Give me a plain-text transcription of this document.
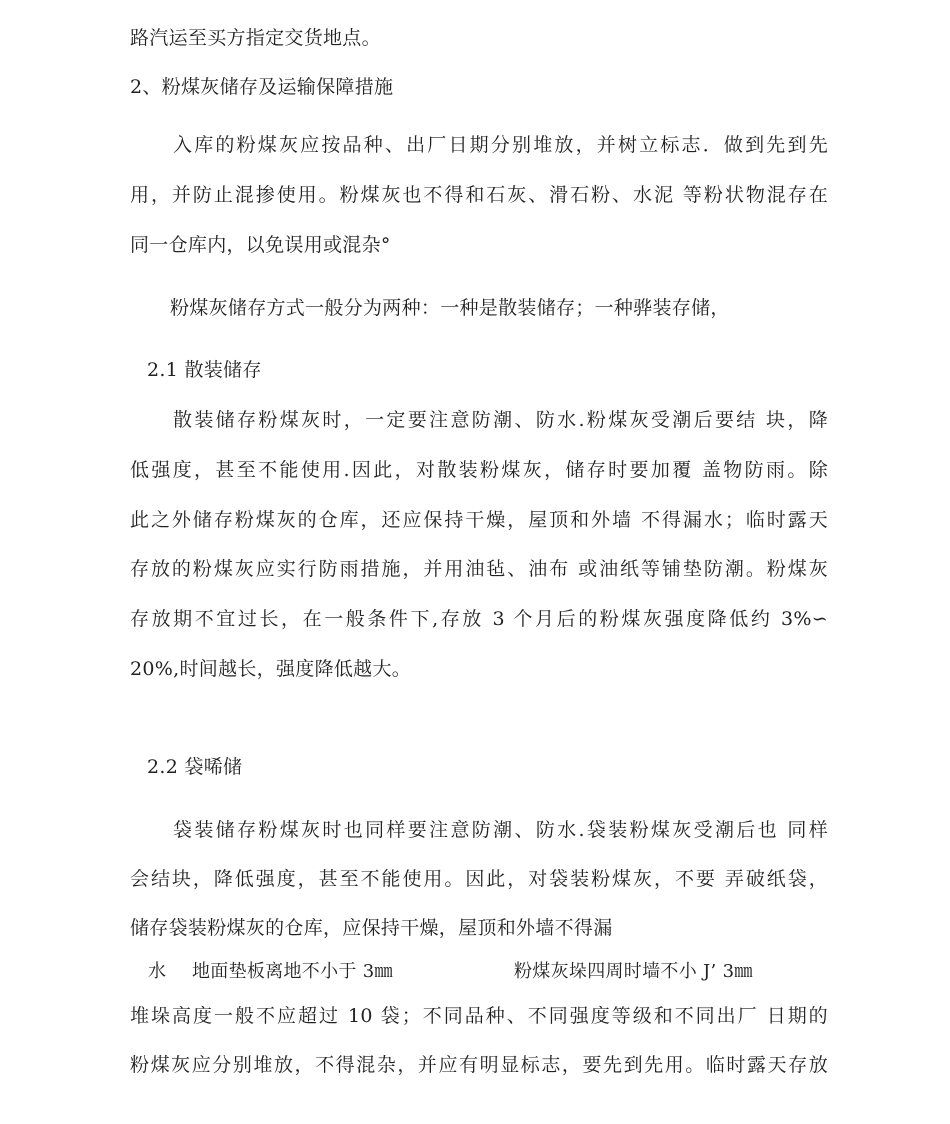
路汽运至买方指定交货地点。
2、粉煤灰储存及运输保障措施
入库的粉煤灰应按品种、出厂日期分别堆放，并树立标志．做到先到先
用，并防止混掺使用。粉煤灰也不得和石灰、滑石粉、水泥 等粉状物混存在
同一仓库内，以免误用或混杂°
粉煤灰储存方式一般分为两种：一种是散装储存；一种骅装存储，
2.1 散装储存
散装储存粉煤灰时，一定要注意防潮、防水.粉煤灰受潮后要结 块，降
低强度，甚至不能使用.因此，对散装粉煤灰，储存时要加覆 盖物防雨。除
此之外储存粉煤灰的仓库，还应保持干燥，屋顶和外墙 不得漏水；临时露天
存放的粉煤灰应实行防雨措施，并用油毡、油布 或油纸等铺垫防潮。粉煤灰
存放期不宜过长，在一般条件下,存放 3 个月后的粉煤灰强度降低约 3%∽
20%,时间越长，强度降低越大。
2.2 袋唏储
袋装储存粉煤灰时也同样要注意防潮、防水.袋装粉煤灰受潮后也 同样
会结块，降低强度，甚至不能使用。因此，对袋装粉煤灰，不要 弄破纸袋，
储存袋装粉煤灰的仓库，应保持干燥，屋顶和外墙不得漏
水 地面垫板离地不小于 3㎜	粉煤灰垛四周时墙不小 J’ 3㎜
堆垛高度一般不应超过 10 袋；不同品种、不同强度等级和不同出厂 日期的
粉煤灰应分别堆放，不得混杂，并应有明显标志，要先到先用。临时露天存放
